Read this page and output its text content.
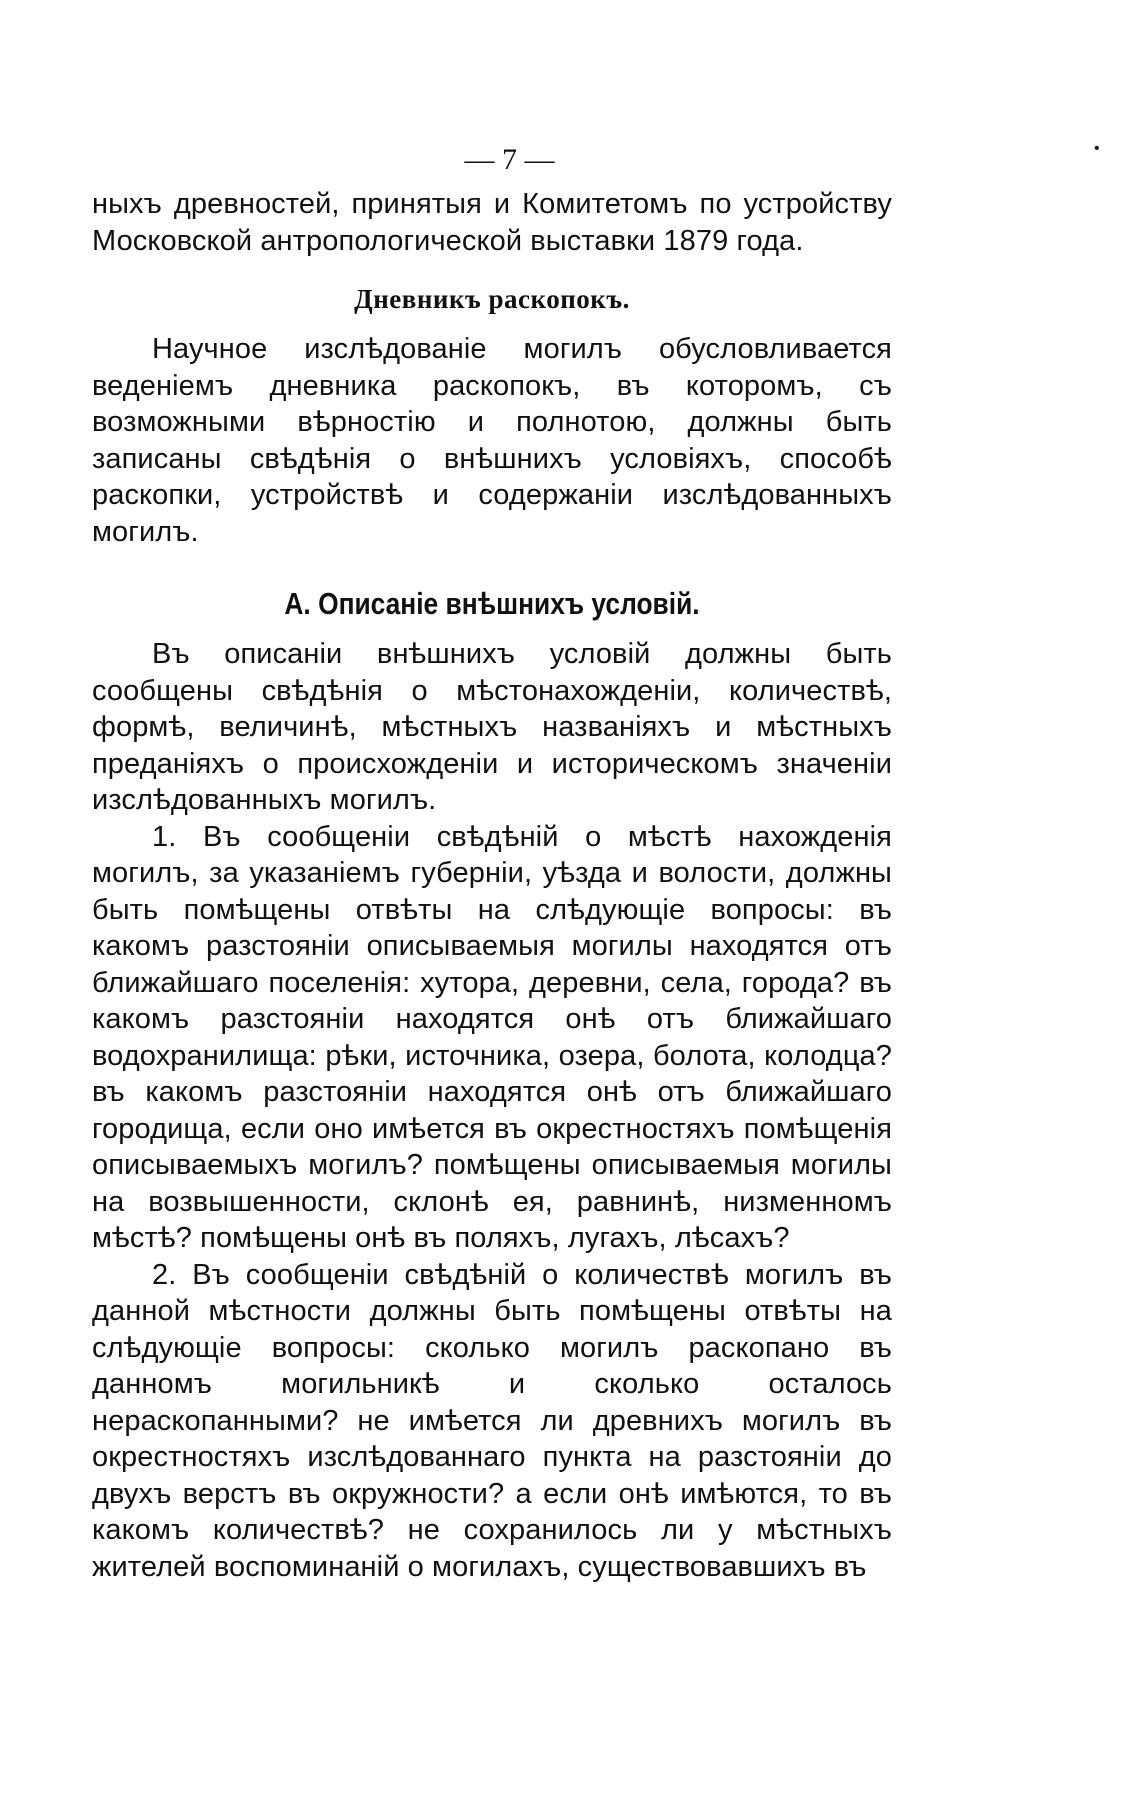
•
— 7 —

ныхъ древностей, принятыя и Комитетомъ по устройству Московской антропологической выставки 1879 года.

Дневникъ раскопокъ.

Научное изслѣдованіе могилъ обусловливается веденіемъ дневника раскопокъ, въ которомъ, съ возможными вѣрностію и полнотою, должны быть записаны свѣдѣнія о внѣшнихъ условіяхъ, способѣ раскопки, устройствѣ и содержаніи изслѣдованныхъ могилъ.

А. Описаніе внѣшнихъ условій.

Въ описаніи внѣшнихъ условій должны быть сообщены свѣдѣнія о мѣстонахожденіи, количествѣ, формѣ, величинѣ, мѣстныхъ названіяхъ и мѣстныхъ преданіяхъ о происхожденіи и историческомъ значеніи изслѣдованныхъ могилъ.

1. Въ сообщеніи свѣдѣній о мѣстѣ нахожденія могилъ, за указаніемъ губерніи, уѣзда и волости, должны быть помѣщены отвѣты на слѣдующіе вопросы: въ какомъ разстояніи описываемыя могилы находятся отъ ближайшаго поселенія: хутора, деревни, села, города? въ какомъ разстояніи находятся онѣ отъ ближайшаго водохранилища: рѣки, источника, озера, болота, колодца? въ какомъ разстояніи находятся онѣ отъ ближайшаго городища, если оно имѣется въ окрестностяхъ помѣщенія описываемыхъ могилъ? помѣщены описываемыя могилы на возвышенности, склонѣ ея, равнинѣ, низменномъ мѣстѣ? помѣщены онѣ въ поляхъ, лугахъ, лѣсахъ?

2. Въ сообщеніи свѣдѣній о количествѣ могилъ въ данной мѣстности должны быть помѣщены отвѣты на слѣдующіе вопросы: сколько могилъ раскопано въ данномъ могильникѣ и сколько осталось нераскопанными? не имѣется ли древнихъ могилъ въ окрестностяхъ изслѣдованнаго пункта на разстояніи до двухъ верстъ въ окружности? а если онѣ имѣются, то въ какомъ количествѣ? не сохранилось ли у мѣстныхъ жителей воспоминаній о могилахъ, существовавшихъ въ
